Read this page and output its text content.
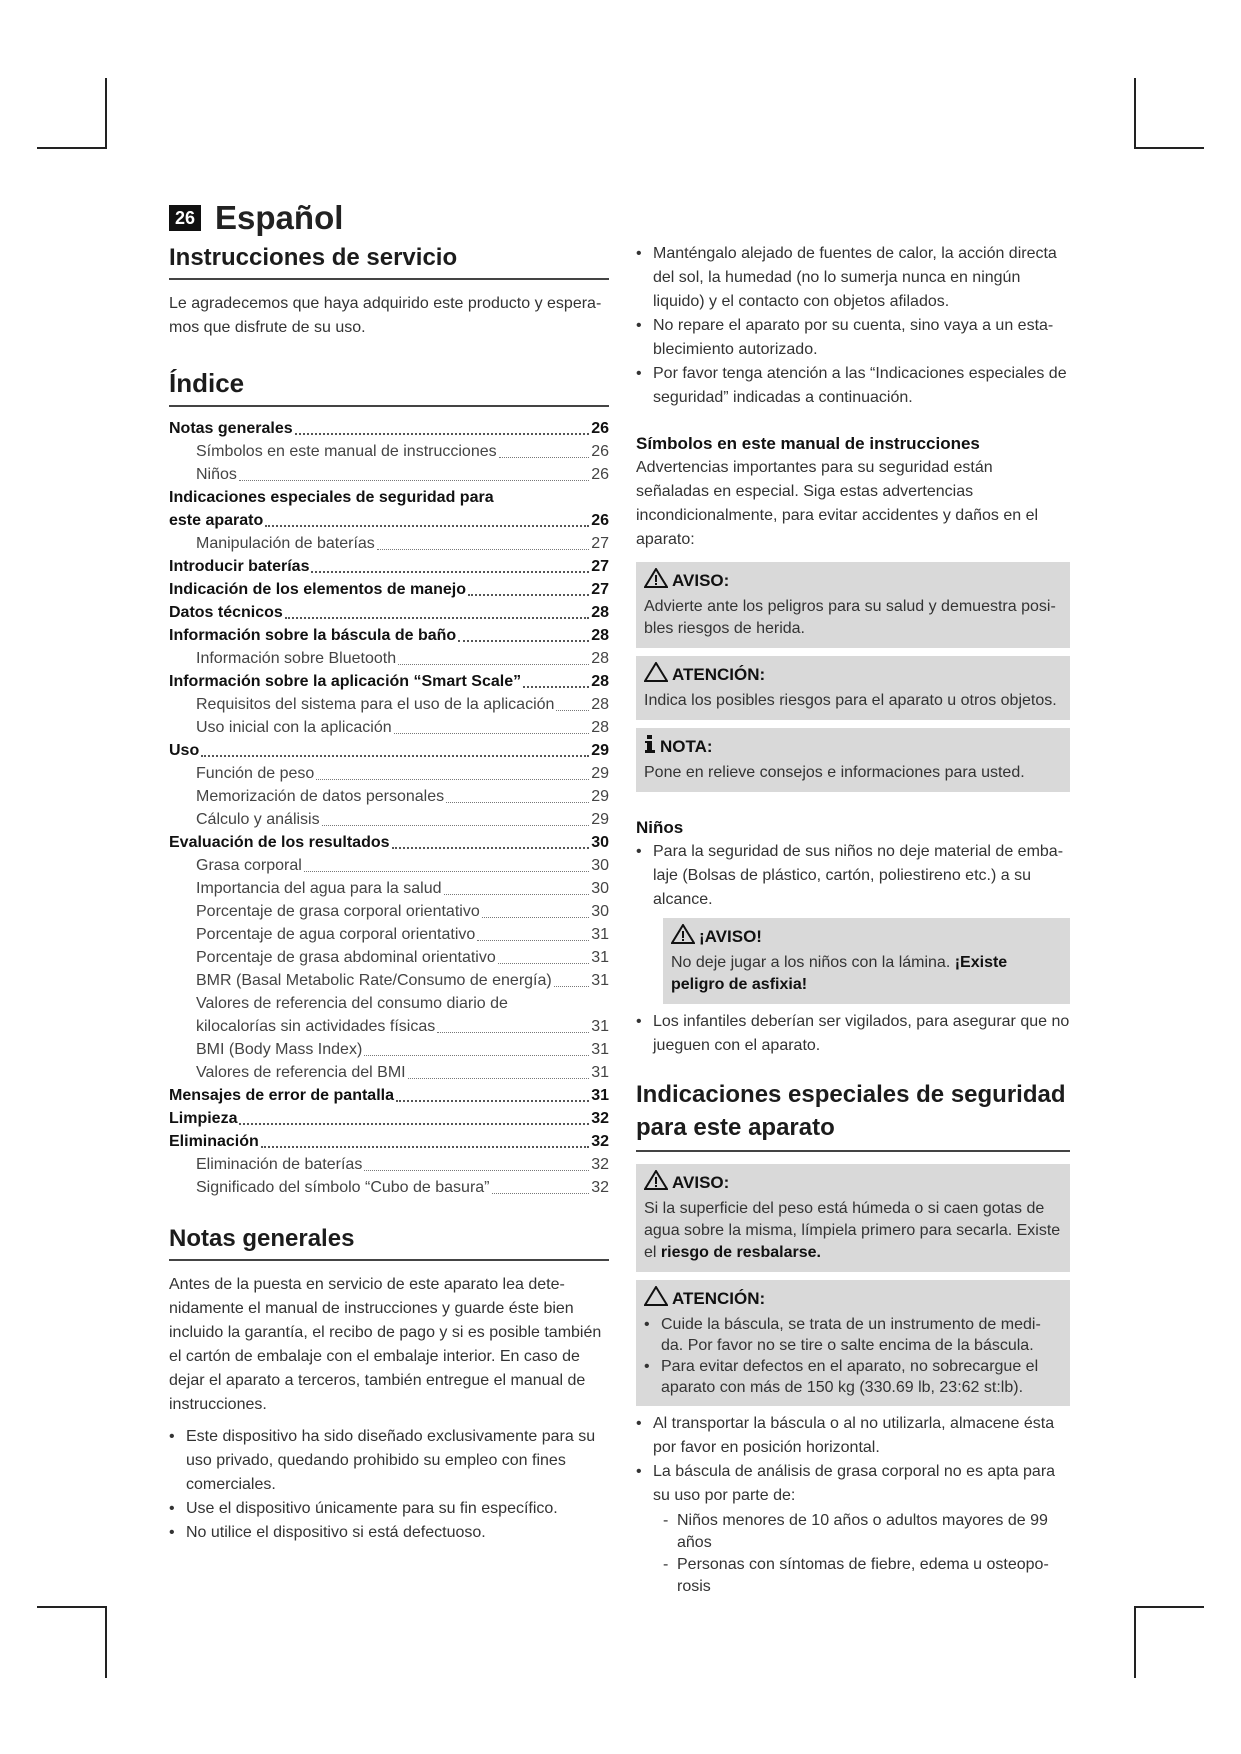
26 Español
Instrucciones de servicio

Le agradecemos que haya adquirido este producto y espera-mos que disfrute de su uso.

Índice
Notas generales	26
Símbolos en este manual de instrucciones	26
Niños	26
Indicaciones especiales de seguridad para
este aparato	26
Manipulación de baterías	27
Introducir baterías	27
Indicación de los elementos de manejo	27
Datos técnicos	28
Información sobre la báscula de baño	28
Información sobre Bluetooth	28
Información sobre la aplicación “Smart Scale”	28
Requisitos del sistema para el uso de la aplicación 28
Uso inicial con la aplicación	28
Uso	29
Función de peso	29
Memorización de datos personales	29
Cálculo y análisis	29
Evaluación de los resultados	30
Grasa corporal	30
Importancia del agua para la salud	30
Porcentaje de grasa corporal orientativo	30
Porcentaje de agua corporal orientativo	31
Porcentaje de grasa abdominal orientativo	31
BMR (Basal Metabolic Rate/Consumo de energía) 31
Valores de referencia del consumo diario de
kilocalorías sin actividades físicas	31
BMI (Body Mass Index)	31
Valores de referencia del BMI	31
Mensajes de error de pantalla	31
Limpieza	32
Eliminación	32
Eliminación de baterías	32
Significado del símbolo “Cubo de basura”	32
Notas generales

Antes de la puesta en servicio de este aparato lea dete-nidamente el manual de instrucciones y guarde éste bien incluido la garantía, el recibo de pago y si es posible también el cartón de embalaje con el embalaje interior. En caso de dejar el aparato a terceros, también entregue el manual de instrucciones.

• Este dispositivo ha sido diseñado exclusivamente para su uso privado, quedando prohibido su empleo con fines comerciales.
• Use el dispositivo únicamente para su fin específico.
• No utilice el dispositivo si está defectuoso.
• Manténgalo alejado de fuentes de calor, la acción directa del sol, la humedad (no lo sumerja nunca en ningún liquido) y el contacto con objetos afilados.
• No repare el aparato por su cuenta, sino vaya a un esta-blecimiento autorizado.
• Por favor tenga atención a las “Indicaciones especiales de seguridad” indicadas a continuación.
Símbolos en este manual de instrucciones

Advertencias importantes para su seguridad están señaladas en especial. Siga estas advertencias incondicionalmente, para evitar accidentes y daños en el aparato:

AVISO:
Advierte ante los peligros para su salud y demuestra posi-bles riesgos de herida.
ATENCIÓN:
Indica los posibles riesgos para el aparato u otros objetos.
NOTA:
Pone en relieve consejos e informaciones para usted.
Niños
• Para la seguridad de sus niños no deje material de emba-laje (Bolsas de plástico, cartón, poliestireno etc.) a su alcance.
¡AVISO!
No deje jugar a los niños con la lámina. ¡Existe peligro de asfixia!
• Los infantiles deberían ser vigilados, para asegurar que no jueguen con el aparato.
Indicaciones especiales de seguridad para este aparato
AVISO:
Si la superficie del peso está húmeda o si caen gotas de agua sobre la misma, límpiela primero para secarla. Existe el riesgo de resbalarse.
ATENCIÓN:
• Cuide la báscula, se trata de un instrumento de medi-da. Por favor no se tire o salte encima de la báscula.
• Para evitar defectos en el aparato, no sobrecargue el aparato con más de 150 kg (330.69 lb, 23:62 st:lb).
• Al transportar la báscula o al no utilizarla, almacene ésta por favor en posición horizontal.
• La báscula de análisis de grasa corporal no es apta para su uso por parte de:
- Niños menores de 10 años o adultos mayores de 99 años
- Personas con síntomas de fiebre, edema u osteopo-rosis
